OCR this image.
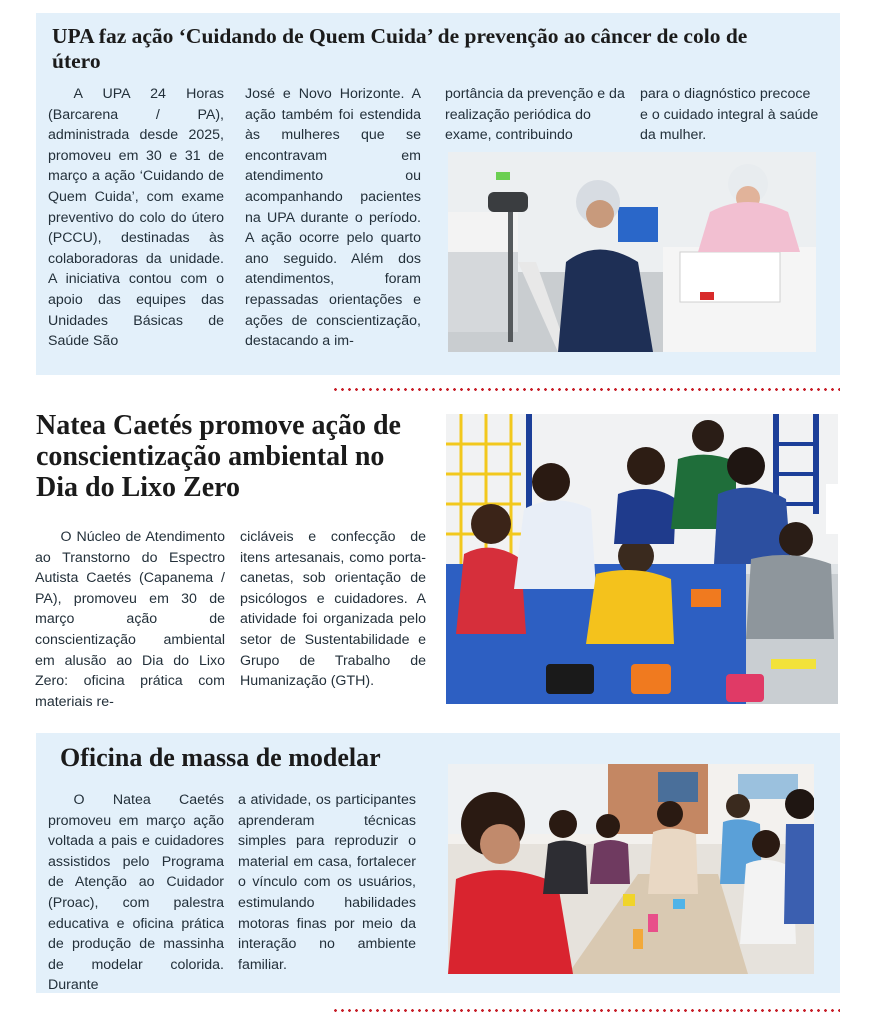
UPA faz ação ‘Cuidando de Quem Cuida’ de prevenção ao câncer de colo de útero

A UPA 24 Horas (Barcarena / PA), administrada desde 2025, promoveu em 30 e 31 de março a ação ‘Cuidando de Quem Cuida’, com exame preventivo do colo do útero (PCCU), destinadas às colaboradoras da unidade. A iniciativa contou com o apoio das equipes das Unidades Básicas de Saúde São

José e Novo Horizonte. A ação também foi estendida às mulheres que se encontravam em atendimento ou acompanhando pacientes na UPA durante o período. A ação ocorre pelo quarto ano seguido. Além dos atendimentos, foram repassadas orientações e ações de conscientização, destacando a im-

portância da prevenção e da realização periódica do exame, contribuindo

para o diagnóstico precoce e o cuidado integral à saúde da mulher.

Natea Caetés promove ação de conscientização ambiental no Dia do Lixo Zero

O Núcleo de Atendimento ao Transtorno do Espectro Autista Caetés (Capanema / PA), promoveu em 30 de março ação de conscientização ambiental em alusão ao Dia do Lixo Zero: oficina prática com materiais re-

cicláveis e confecção de itens artesanais, como porta-canetas, sob orientação de psicólogos e cuidadores. A atividade foi organizada pelo setor de Sustentabilidade e Grupo de Trabalho de Humanização (GTH).

Oficina de massa de modelar

O Natea Caetés promoveu em março ação voltada a pais e cuidadores assistidos pelo Programa de Atenção ao Cuidador (Proac), com palestra educativa e oficina prática de produção de massinha de modelar colorida. Durante

a atividade, os participantes aprenderam técnicas simples para reproduzir o material em casa, fortalecer o vínculo com os usuários, estimulando habilidades motoras finas por meio da interação no ambiente familiar.
